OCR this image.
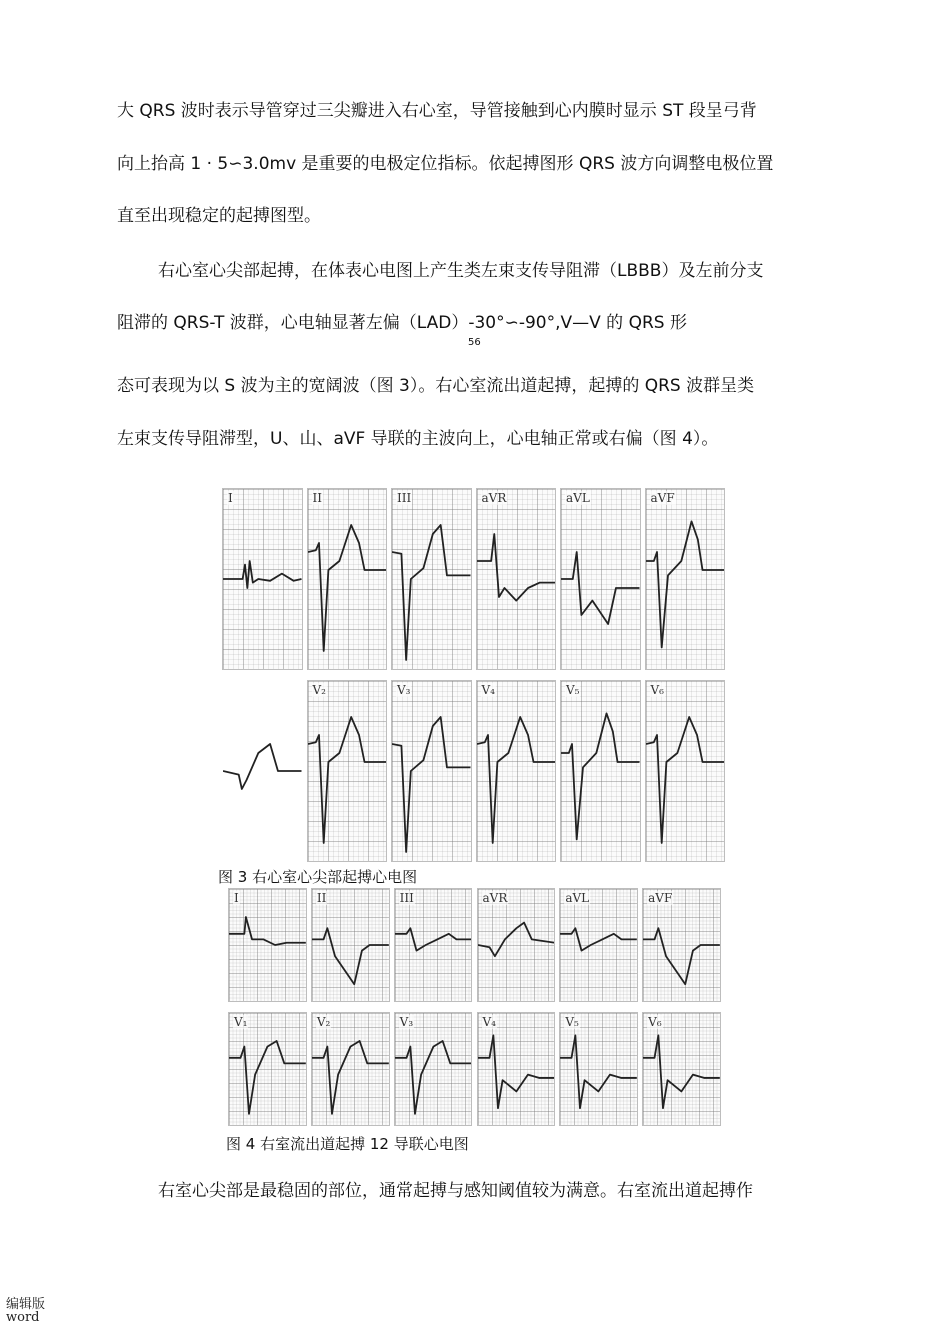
大 QRS 波时表示导管穿过三尖瓣进入右心室，导管接触到心内膜时显示 ST 段呈弓背
向上抬高 1 · 5∽3.0mv 是重要的电极定位指标。依起搏图形 QRS 波方向调整电极位置
直至出现稳定的起搏图型。
右心室心尖部起搏，在体表心电图上产生类左束支传导阻滞（LBBB）及左前分支
阻滞的 QRS-T 波群，心电轴显著左偏（LAD）-30°∽-90°,V—V 的 QRS 形
56
态可表现为以 S 波为主的宽阔波（图 3）。右心室流出道起搏，起搏的 QRS 波群呈类
左束支传导阻滞型，U、山、aVF 导联的主波向上，心电轴正常或右偏（图 4）。
I	II	III	aVR	aVL	aVF
V₂	V₃	V₄	V₅	V₆
图 3 右心室心尖部起搏心电图
I	II	III	aVR	aVL	aVF
V₁	V₂	V₃	V₄	V₅	V₆
图 4 右室流出道起搏 12 导联心电图
右室心尖部是最稳固的部位，通常起搏与感知阈值较为满意。右室流出道起搏作
编辑版
word
